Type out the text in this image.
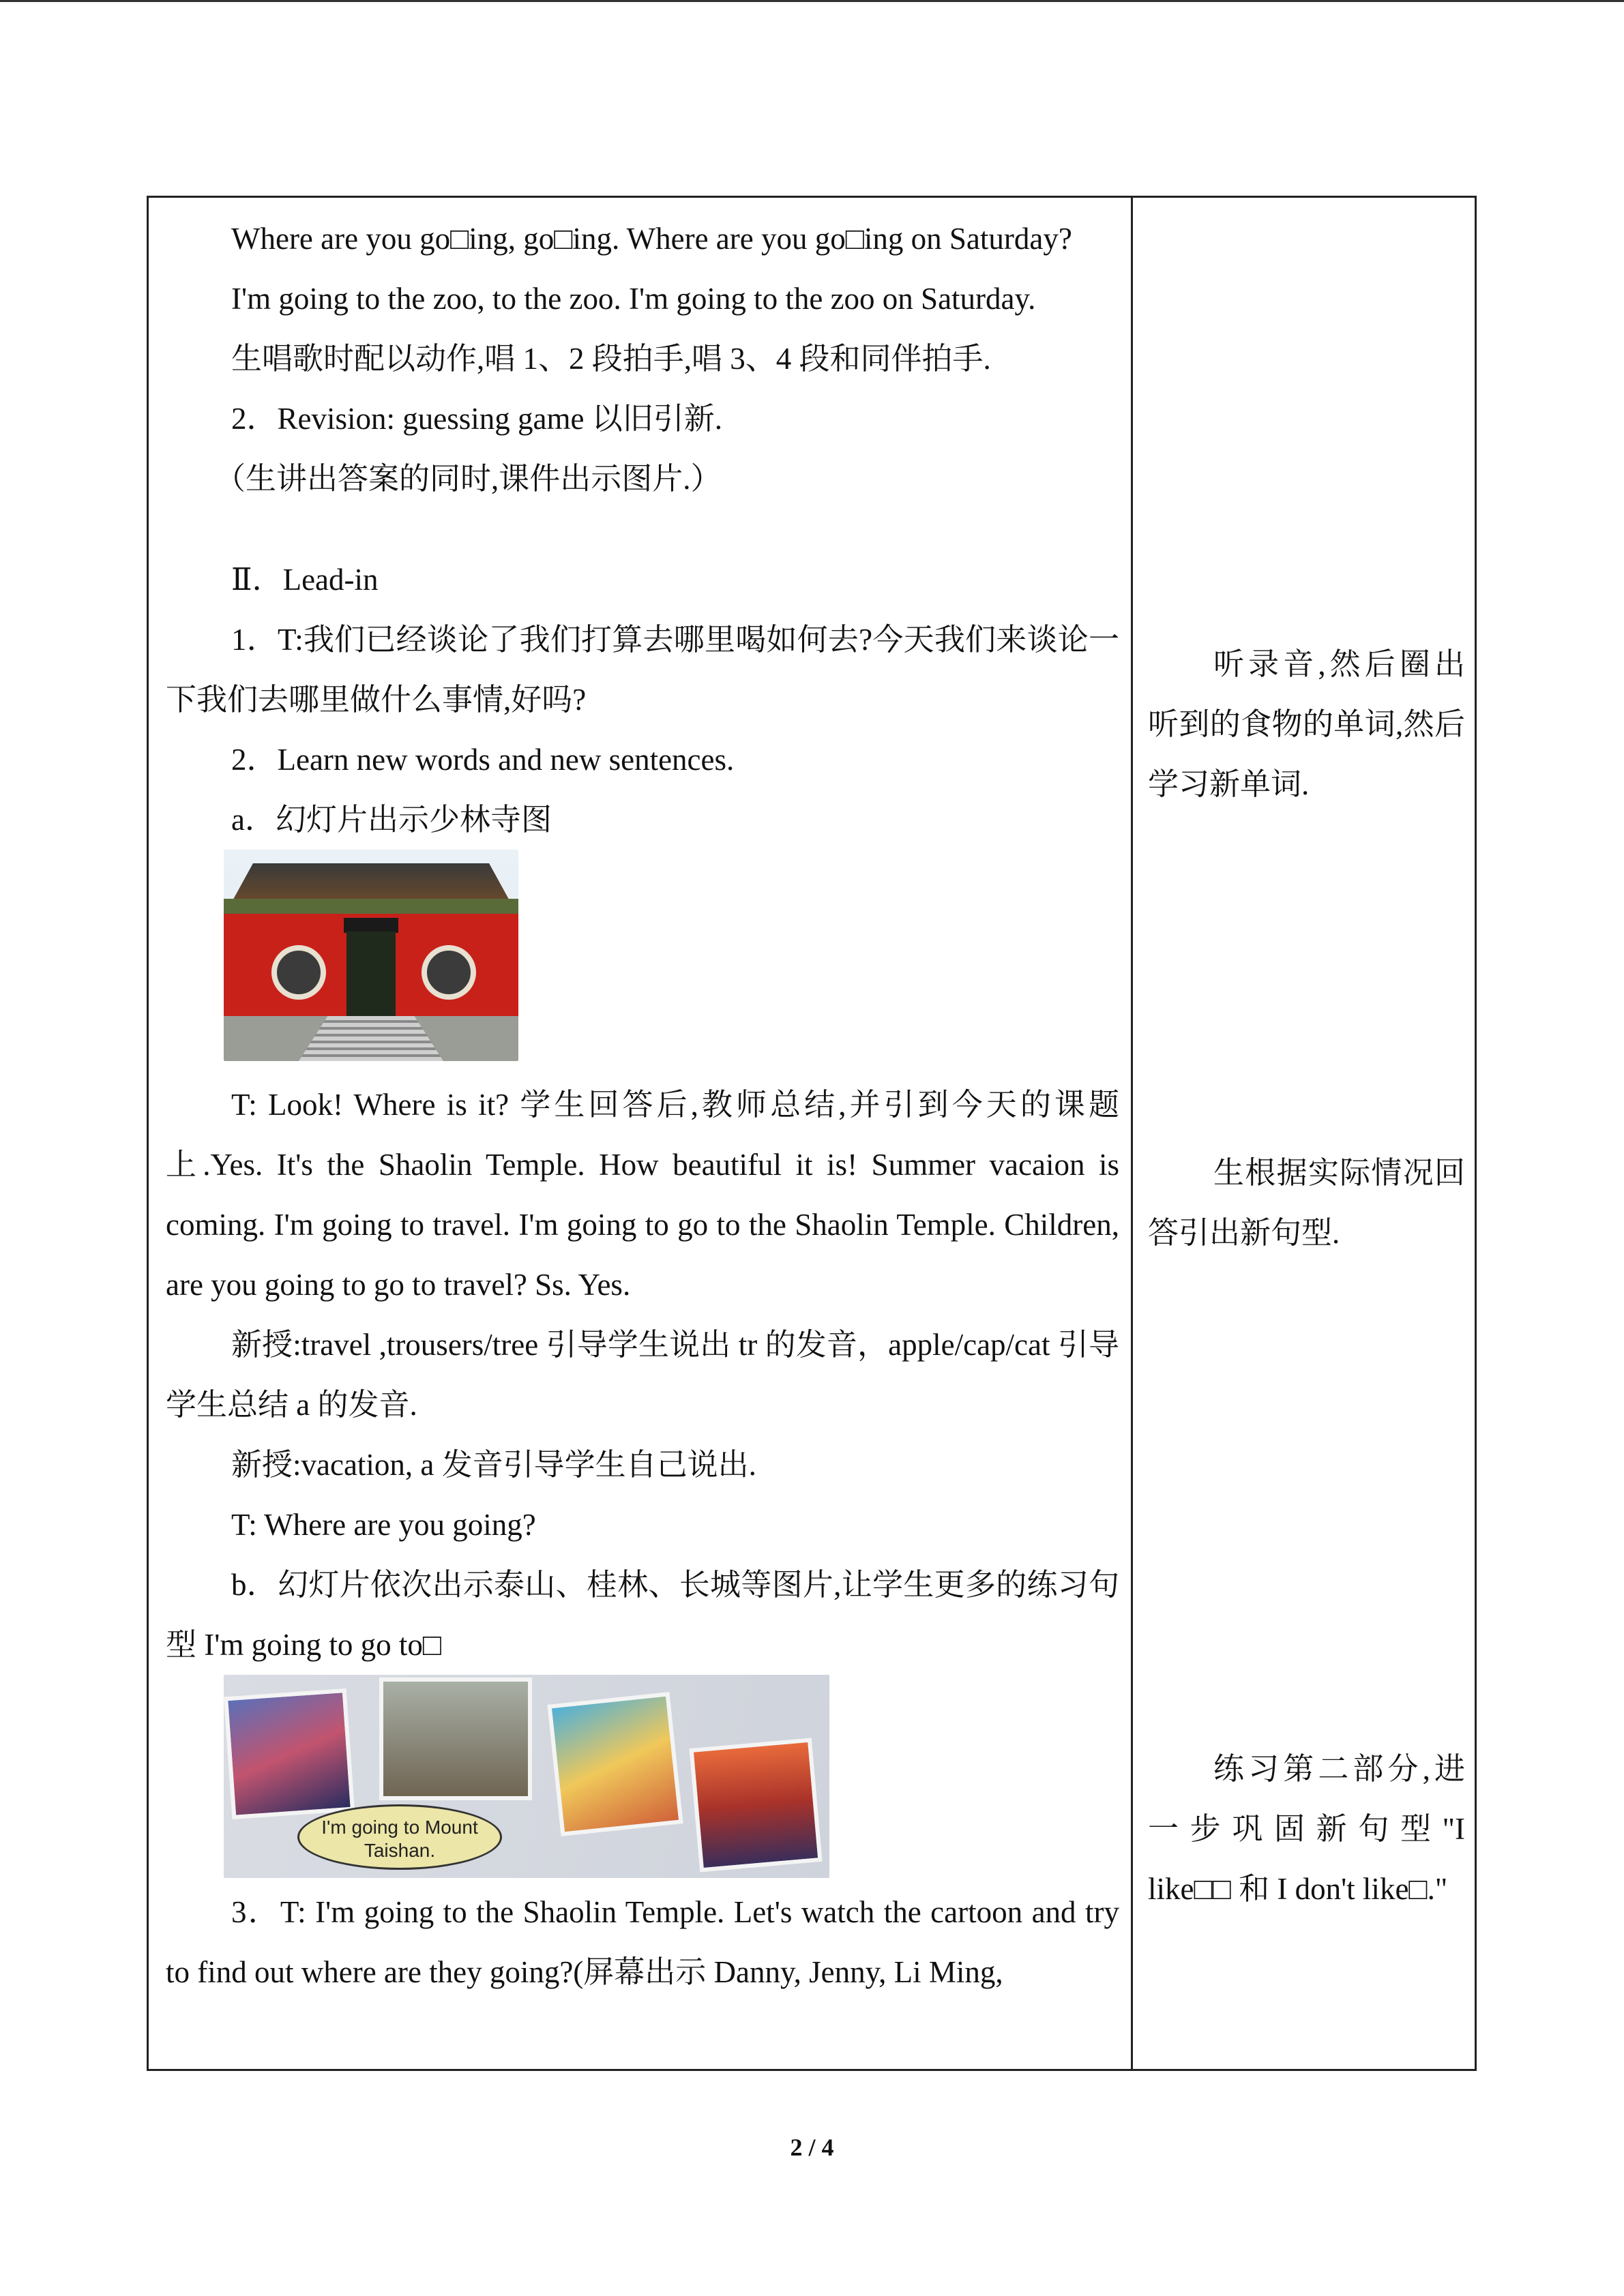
Where are you go□ing, go□ing. Where are you go□ing on Saturday?

I'm going to the zoo, to the zoo. I'm going to the zoo on Saturday.

生唱歌时配以动作,唱 1、2 段拍手,唱 3、4 段和同伴拍手.

2．Revision: guessing game 以旧引新.

（生讲出答案的同时,课件出示图片.）

Ⅱ．Lead-in

1．T:我们已经谈论了我们打算去哪里喝如何去?今天我们来谈论一下我们去哪里做什么事情,好吗?

2．Learn new words and new sentences.

a．幻灯片出示少林寺图

T: Look! Where is it? 学生回答后,教师总结,并引到今天的课题上.Yes. It's the Shaolin Temple. How beautiful it is! Summer vacaion is coming. I'm going to travel. I'm going to go to the Shaolin Temple. Children, are you going to go to travel? Ss. Yes.

新授:travel ,trousers/tree 引导学生说出 tr 的发音，apple/cap/cat 引导学生总结 a 的发音.

新授:vacation, a 发音引导学生自己说出.

T: Where are you going?

b．幻灯片依次出示泰山、桂林、长城等图片,让学生更多的练习句型 I'm going to go to□

I'm going to Mount Taishan.

3．T: I'm going to the Shaolin Temple. Let's watch the cartoon and try to find out where are they going?(屏幕出示 Danny, Jenny, Li Ming,

听录音,然后圈出听到的食物的单词,然后学习新单词.

生根据实际情况回答引出新句型.

练习第二部分,进一步巩固新句型"I like□□ 和 I don't like□."

2 / 4
